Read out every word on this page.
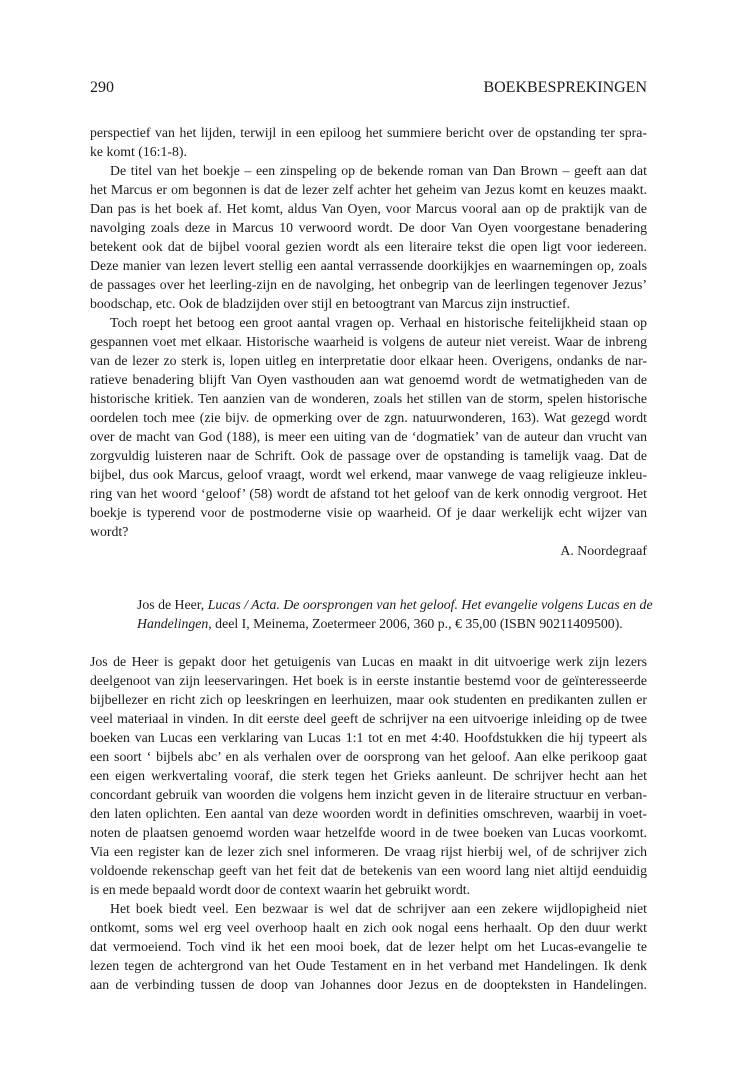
290	BOEKBESPREKINGEN
perspectief van het lijden, terwijl in een epiloog het summiere bericht over de opstanding ter spra-
ke komt (16:1-8).
De titel van het boekje – een zinspeling op de bekende roman van Dan Brown – geeft aan dat
het Marcus er om begonnen is dat de lezer zelf achter het geheim van Jezus komt en keuzes maakt.
Dan pas is het boek af. Het komt, aldus Van Oyen, voor Marcus vooral aan op de praktijk van de
navolging zoals deze in Marcus 10 verwoord wordt. De door Van Oyen voorgestane benadering
betekent ook dat de bijbel vooral gezien wordt als een literaire tekst die open ligt voor iedereen.
Deze manier van lezen levert stellig een aantal verrassende doorkijkjes en waarnemingen op, zoals
de passages over het leerling-zijn en de navolging, het onbegrip van de leerlingen tegenover Jezus’
boodschap, etc. Ook de bladzijden over stijl en betoogtrant van Marcus zijn instructief.
Toch roept het betoog een groot aantal vragen op. Verhaal en historische feitelijkheid staan op
gespannen voet met elkaar. Historische waarheid is volgens de auteur niet vereist. Waar de inbreng
van de lezer zo sterk is, lopen uitleg en interpretatie door elkaar heen. Overigens, ondanks de nar-
ratieve benadering blijft Van Oyen vasthouden aan wat genoemd wordt de wetmatigheden van de
historische kritiek. Ten aanzien van de wonderen, zoals het stillen van de storm, spelen historische
oordelen toch mee (zie bijv. de opmerking over de zgn. natuurwonderen, 163). Wat gezegd wordt
over de macht van God (188), is meer een uiting van de ‘dogmatiek’ van de auteur dan vrucht van
zorgvuldig luisteren naar de Schrift. Ook de passage over de opstanding is tamelijk vaag. Dat de
bijbel, dus ook Marcus, geloof vraagt, wordt wel erkend, maar vanwege de vaag religieuze inkleu-
ring van het woord ‘geloof’ (58) wordt de afstand tot het geloof van de kerk onnodig vergroot. Het
boekje is typerend voor de postmoderne visie op waarheid. Of je daar werkelijk echt wijzer van
wordt?
A. Noordegraaf
Jos de Heer, Lucas / Acta. De oorsprongen van het geloof. Het evangelie volgens Lucas en de
Handelingen, deel I, Meinema, Zoetermeer 2006, 360 p., € 35,00 (ISBN 90211409500).
Jos de Heer is gepakt door het getuigenis van Lucas en maakt in dit uitvoerige werk zijn lezers
deelgenoot van zijn leeservaringen. Het boek is in eerste instantie bestemd voor de geïnteresseerde
bijbellezer en richt zich op leeskringen en leerhuizen, maar ook studenten en predikanten zullen er
veel materiaal in vinden. In dit eerste deel geeft de schrijver na een uitvoerige inleiding op de twee
boeken van Lucas een verklaring van Lucas 1:1 tot en met 4:40. Hoofdstukken die hij typeert als
een soort ‘ bijbels abc’ en als verhalen over de oorsprong van het geloof. Aan elke perikoop gaat
een eigen werkvertaling vooraf, die sterk tegen het Grieks aanleunt. De schrijver hecht aan het
concordant gebruik van woorden die volgens hem inzicht geven in de literaire structuur en verban-
den laten oplichten. Een aantal van deze woorden wordt in definities omschreven, waarbij in voet-
noten de plaatsen genoemd worden waar hetzelfde woord in de twee boeken van Lucas voorkomt.
Via een register kan de lezer zich snel informeren. De vraag rijst hierbij wel, of de schrijver zich
voldoende rekenschap geeft van het feit dat de betekenis van een woord lang niet altijd eenduidig
is en mede bepaald wordt door de context waarin het gebruikt wordt.
Het boek biedt veel. Een bezwaar is wel dat de schrijver aan een zekere wijdlopigheid niet
ontkomt, soms wel erg veel overhoop haalt en zich ook nogal eens herhaalt. Op den duur werkt
dat vermoeiend. Toch vind ik het een mooi boek, dat de lezer helpt om het Lucas-evangelie te
lezen tegen de achtergrond van het Oude Testament en in het verband met Handelingen. Ik denk
aan de verbinding tussen de doop van Johannes door Jezus en de doopteksten in Handelingen.
